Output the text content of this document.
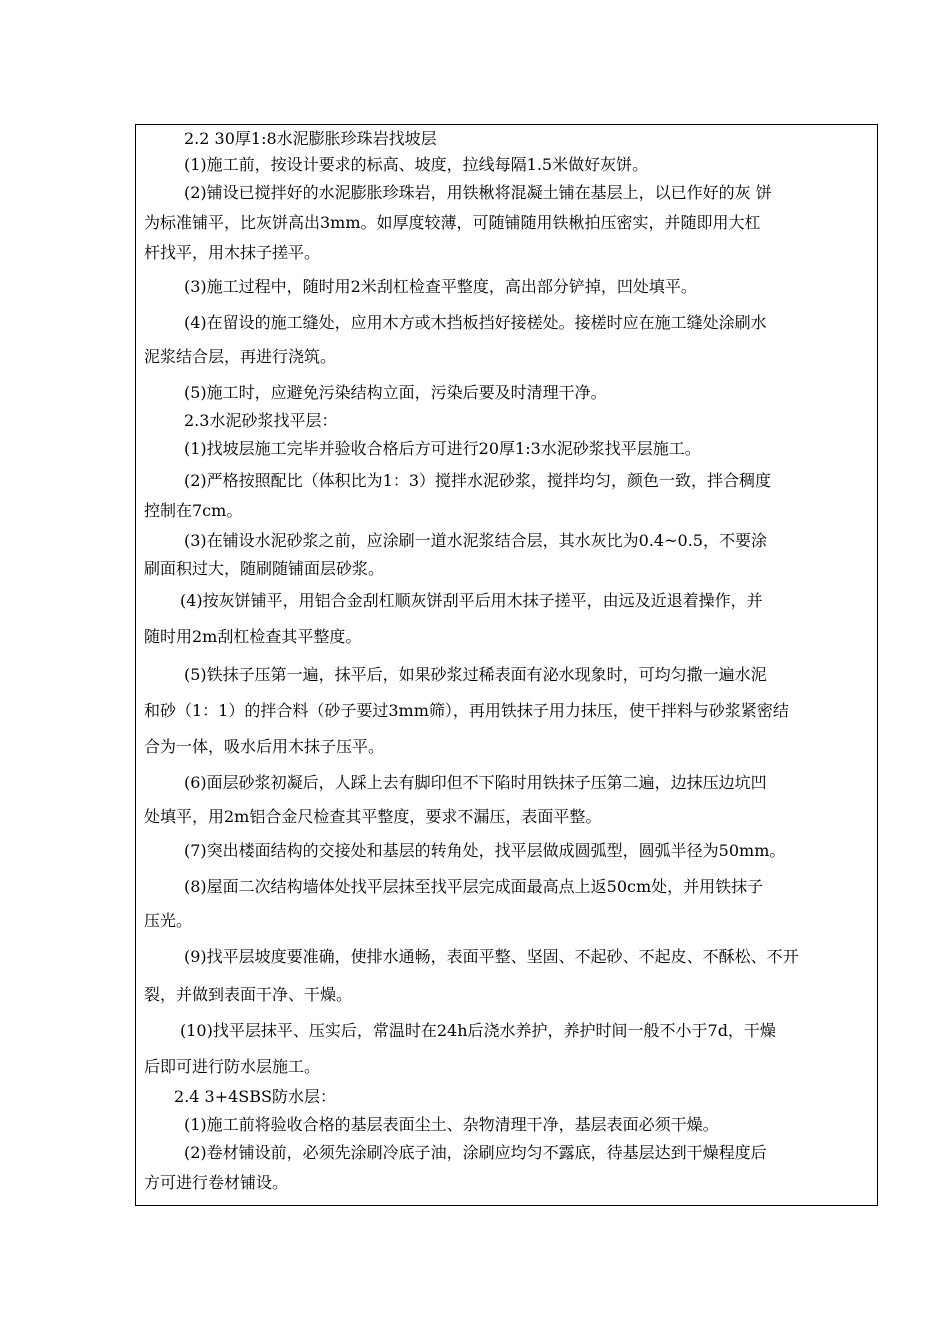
2.2 30厚1:8水泥膨胀珍珠岩找坡层
(1)施工前，按设计要求的标高、坡度，拉线每隔1.5米做好灰饼。
(2)铺设已搅拌好的水泥膨胀珍珠岩，用铁楸将混凝土铺在基层上，以已作好的灰 饼
为标准铺平，比灰饼高出3mm。如厚度较薄，可随铺随用铁楸拍压密实，并随即用大杠
杆找平，用木抹子搓平。
(3)施工过程中，随时用2米刮杠检查平整度，高出部分铲掉，凹处填平。
(4)在留设的施工缝处，应用木方或木挡板挡好接槎处。接槎时应在施工缝处涂刷水
泥浆结合层，再进行浇筑。
(5)施工时，应避免污染结构立面，污染后要及时清理干净。
2.3水泥砂浆找平层：
(1)找坡层施工完毕并验收合格后方可进行20厚1:3水泥砂浆找平层施工。
(2)严格按照配比（体积比为1：3）搅拌水泥砂浆，搅拌均匀，颜色一致，拌合稠度
控制在7cm。
(3)在铺设水泥砂浆之前，应涂刷一道水泥浆结合层，其水灰比为0.4~0.5，不要涂
刷面积过大，随刷随铺面层砂浆。
(4)按灰饼铺平，用铝合金刮杠顺灰饼刮平后用木抹子搓平，由远及近退着操作，并
随时用2m刮杠检查其平整度。
(5)铁抹子压第一遍，抹平后，如果砂浆过稀表面有泌水现象时，可均匀撒一遍水泥
和砂（1：1）的拌合料（砂子要过3mm筛），再用铁抹子用力抹压，使干拌料与砂浆紧密结
合为一体，吸水后用木抹子压平。
(6)面层砂浆初凝后，人踩上去有脚印但不下陷时用铁抹子压第二遍，边抹压边坑凹
处填平，用2m铝合金尺检查其平整度，要求不漏压，表面平整。
(7)突出楼面结构的交接处和基层的转角处，找平层做成圆弧型，圆弧半径为50mm。
(8)屋面二次结构墙体处找平层抹至找平层完成面最高点上返50cm处，并用铁抹子
压光。
(9)找平层坡度要准确，使排水通畅，表面平整、坚固、不起砂、不起皮、不酥松、不开
裂，并做到表面干净、干燥。
(10)找平层抹平、压实后，常温时在24h后浇水养护，养护时间一般不小于7d，干燥
后即可进行防水层施工。
2.4 3+4SBS防水层：
(1)施工前将验收合格的基层表面尘土、杂物清理干净，基层表面必须干燥。
(2)卷材铺设前，必须先涂刷冷底子油，涂刷应均匀不露底，待基层达到干燥程度后
方可进行卷材铺设。
